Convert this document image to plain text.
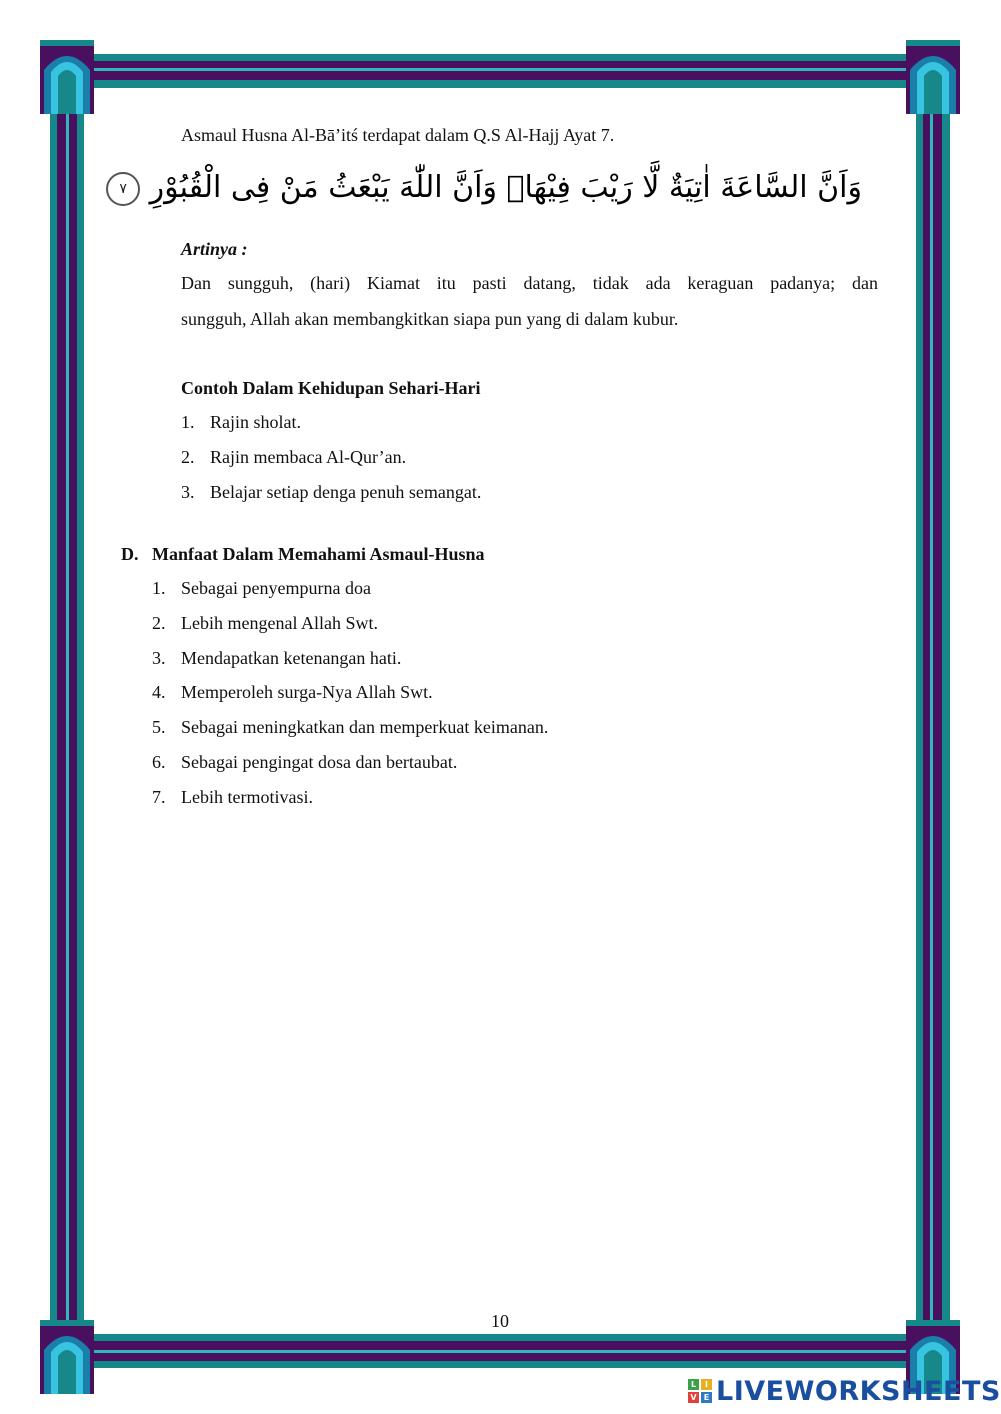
Asmaul Husna Al-Bā’itś terdapat dalam Q.S Al-Hajj Ayat 7.
وَاَنَّ السَّاعَةَ اٰتِيَةٌ لَّا رَيْبَ فِيْهَاۙ وَاَنَّ اللّٰهَ يَبْعَثُ مَنْ فِى الْقُبُوْرِ ٧
Artinya :
Dan sungguh, (hari) Kiamat itu pasti datang, tidak ada keraguan padanya; dan
sungguh, Allah akan membangkitkan siapa pun yang di dalam kubur.
Contoh Dalam Kehidupan Sehari-Hari
1. Rajin sholat.
2. Rajin membaca Al-Qur’an.
3. Belajar setiap denga penuh semangat.
D. Manfaat Dalam Memahami Asmaul-Husna
1. Sebagai penyempurna doa
2. Lebih mengenal Allah Swt.
3. Mendapatkan ketenangan hati.
4. Memperoleh surga-Nya Allah Swt.
5. Sebagai meningkatkan dan memperkuat keimanan.
6. Sebagai pengingat dosa dan bertaubat.
7. Lebih termotivasi.
10
L	I
V E LIVEWORKSHEETS
